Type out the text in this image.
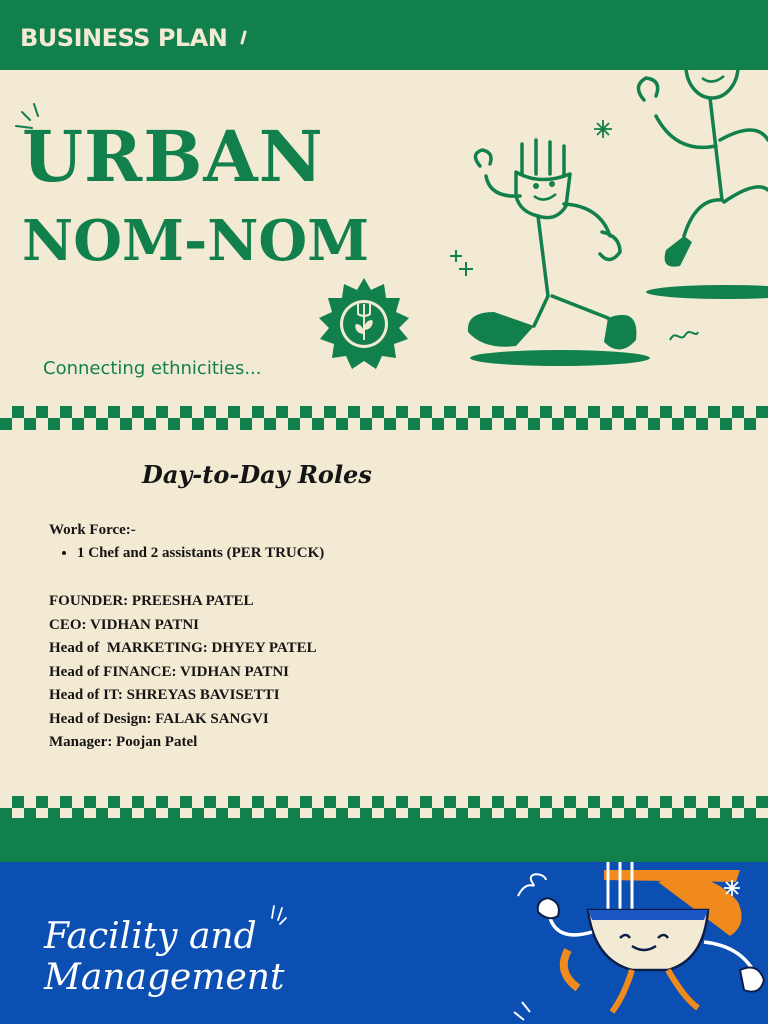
BUSINESS PLAN
URBAN
NOM-NOM
Connecting ethnicities...
Day-to-Day Roles
Work Force:-
• 1 Chef and 2 assistants (PER TRUCK)
FOUNDER: PREESHA PATEL
CEO: VIDHAN PATNI
Head of  MARKETING: DHYEY PATEL
Head of FINANCE: VIDHAN PATNI
Head of IT: SHREYAS BAVISETTI
Head of Design: FALAK SANGVI
Manager: Poojan Patel
Facility and
Management
